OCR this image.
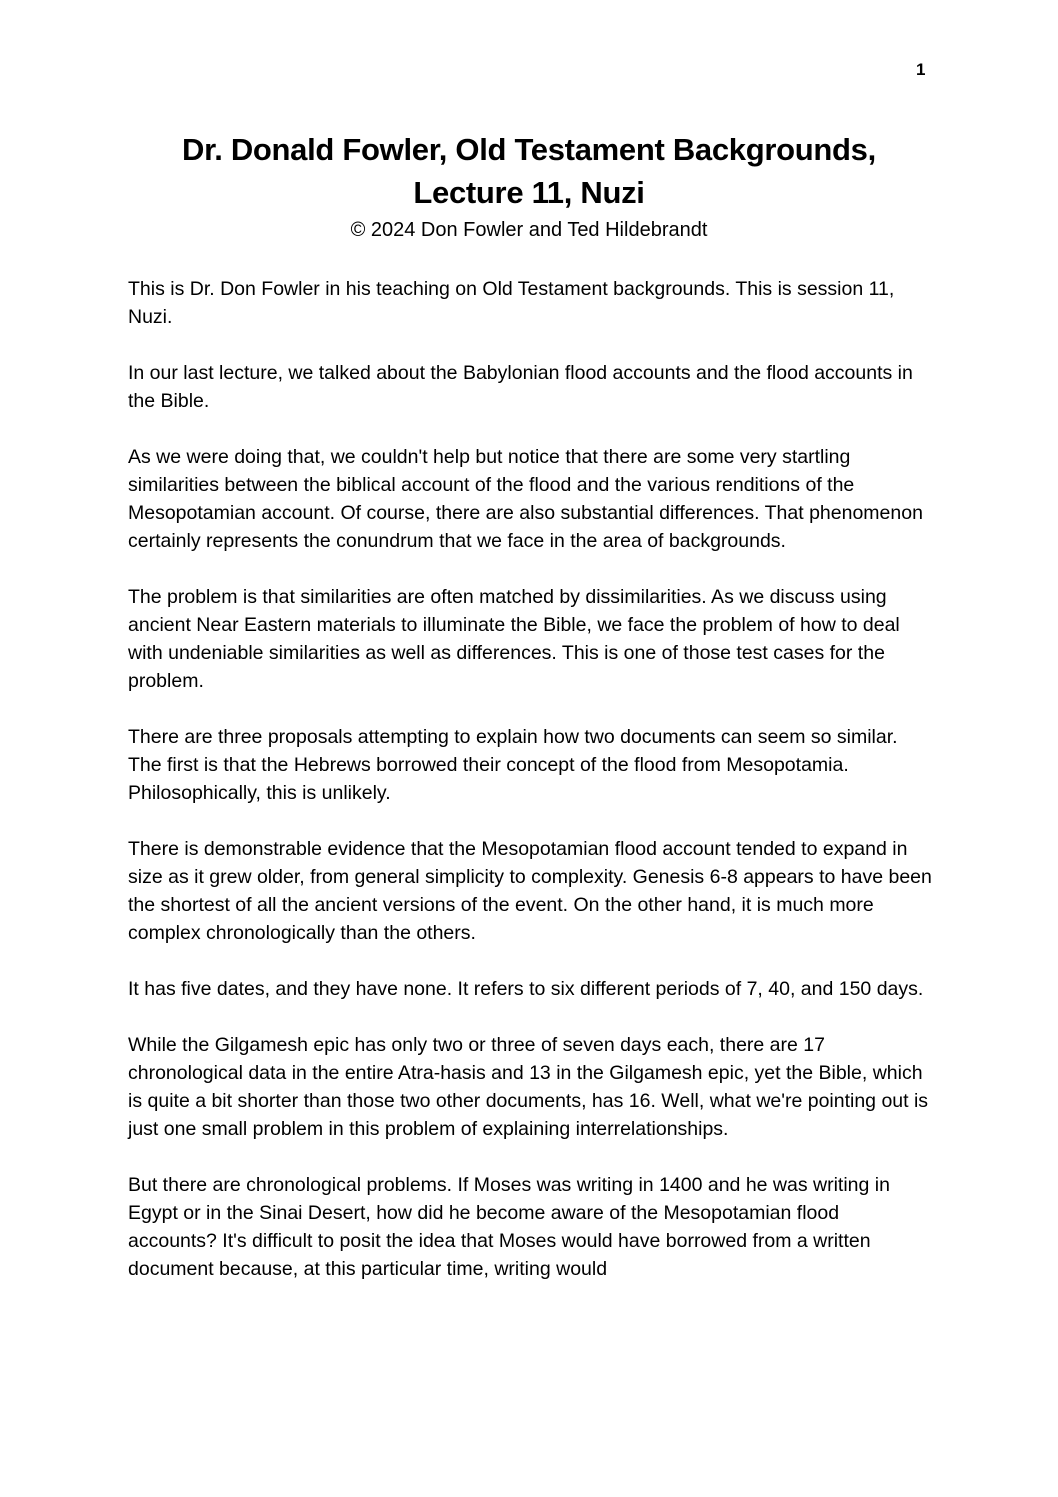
1
Dr. Donald Fowler, Old Testament Backgrounds,
Lecture 11, Nuzi
© 2024 Don Fowler and Ted Hildebrandt

This is Dr. Don Fowler in his teaching on Old Testament backgrounds. This is session 11, Nuzi.

In our last lecture, we talked about the Babylonian flood accounts and the flood accounts in the Bible.

As we were doing that, we couldn't help but notice that there are some very startling similarities between the biblical account of the flood and the various renditions of the Mesopotamian account. Of course, there are also substantial differences. That phenomenon certainly represents the conundrum that we face in the area of backgrounds.

The problem is that similarities are often matched by dissimilarities. As we discuss using ancient Near Eastern materials to illuminate the Bible, we face the problem of how to deal with undeniable similarities as well as differences. This is one of those test cases for the problem.

There are three proposals attempting to explain how two documents can seem so similar. The first is that the Hebrews borrowed their concept of the flood from Mesopotamia. Philosophically, this is unlikely.

There is demonstrable evidence that the Mesopotamian flood account tended to expand in size as it grew older, from general simplicity to complexity. Genesis 6-8 appears to have been the shortest of all the ancient versions of the event. On the other hand, it is much more complex chronologically than the others.

It has five dates, and they have none. It refers to six different periods of 7, 40, and 150 days.

While the Gilgamesh epic has only two or three of seven days each, there are 17 chronological data in the entire Atra-hasis and 13 in the Gilgamesh epic, yet the Bible, which is quite a bit shorter than those two other documents, has 16. Well, what we're pointing out is just one small problem in this problem of explaining interrelationships.

But there are chronological problems. If Moses was writing in 1400 and he was writing in Egypt or in the Sinai Desert, how did he become aware of the Mesopotamian flood accounts? It's difficult to posit the idea that Moses would have borrowed from a written document because, at this particular time, writing would
